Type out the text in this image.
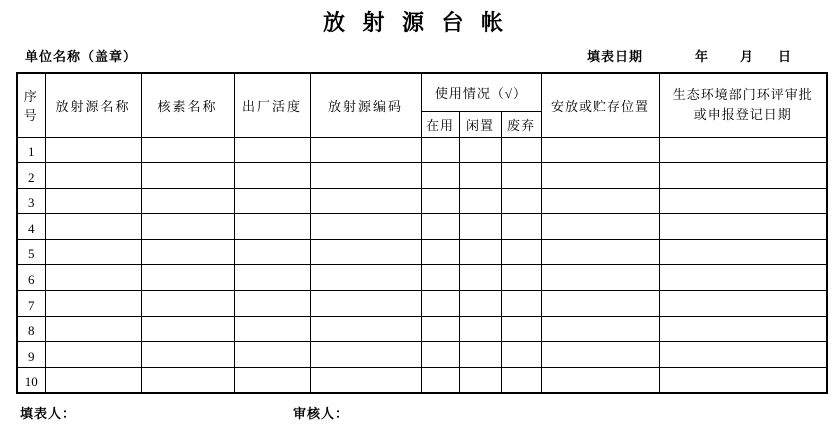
放 射 源 台 帐
单位名称（盖章）	填表日期	年 月 日
序号	放射源名称	核素名称	出厂活度	放射源编码	使用情况（√）			安放或贮存位置	生态环境部门环评审批
或申报登记日期

					在用	闲置	废弃		
1									
2									
3									
4									
5									
6									
7									
8									
9									
10									
填表人：	审核人：
